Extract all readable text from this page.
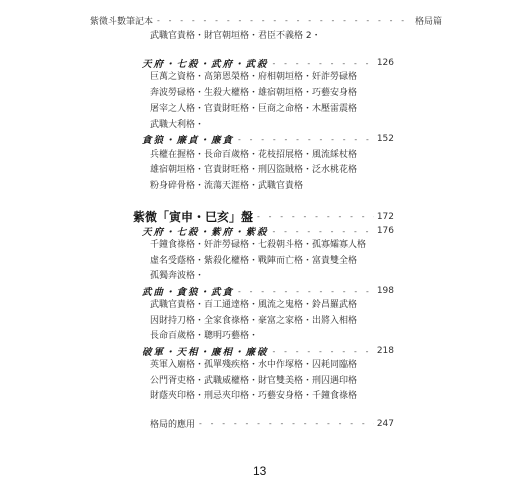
紫微斗數筆記本 - - -	格局篇
武職官貴格・財官朝垣格・君臣不義格 2・
天府・七殺・武府・武殺 - - -	126
巨萬之資格・高第恩榮格・府相朝垣格・奸詐勞碌格
奔波勞碌格・生殺大權格・雄宿朝垣格・巧藝安身格
屠宰之人格・官貴財旺格・巨商之命格・木壓雷震格
武職大利格・
貪狼・廉貞・廉貪 - - -	152
兵權在握格・長命百歲格・花枝招展格・風流綵杖格
雄宿朝垣格・官貴財旺格・刑囚盜賊格・泛水桃花格
粉身碎骨格・流蕩天涯格・武職官貴格
紫微「寅申・巳亥」盤 - - -	172
天府・七殺・紫府・紫殺 - - -	176
千鐘食祿格・奸詐勞碌格・七殺朝斗格・孤寡孀寡人格
虛名受蔭格・紫殺化權格・戰陣而亡格・富貴雙全格
孤獨奔波格・
武曲・貪狼・武貪 - - -	198
武職官貴格・百工通達格・風流之鬼格・鈴昌羅武格
因財持刀格・全家食祿格・豪富之家格・出將入相格
長命百歲格・聰明巧藝格・
破軍・天相・廉相・廉破 - - -	218
英軍入廟格・孤單殘疾格・水中作塚格・囚耗同臨格
公門胥吏格・武職威權格・財官雙美格・刑囚遇印格
財蔭夾印格・刑忌夾印格・巧藝安身格・千鐘食祿格
格局的應用 - - -	247
13
